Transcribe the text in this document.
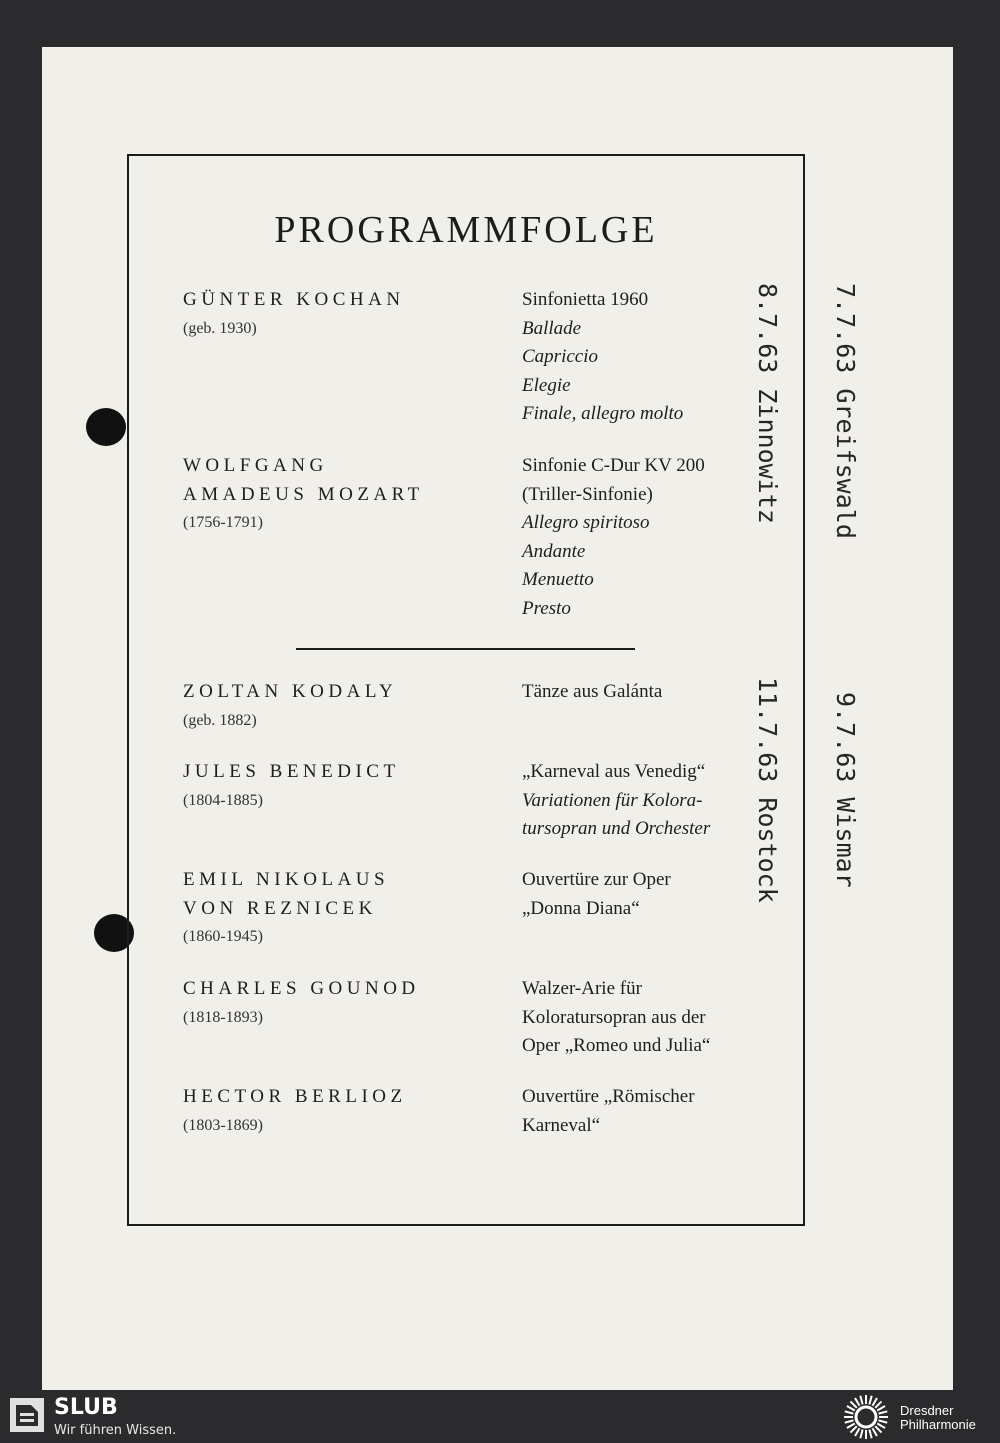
PROGRAMMFOLGE
GÜNTER KOCHAN
(geb. 1930)
Sinfonietta 1960
Ballade
Capriccio
Elegie
Finale, allegro molto
WOLFGANG
AMADEUS MOZART
(1756-1791)
Sinfonie C-Dur KV 200
(Triller-Sinfonie)
Allegro spiritoso
Andante
Menuetto
Presto
ZOLTAN KODALY
(geb. 1882)
Tänze aus Galánta
JULES BENEDICT
(1804-1885)
„Karneval aus Venedig“
Variationen für Kolora-
tursopran und Orchester
EMIL NIKOLAUS
VON REZNICEK
(1860-1945)
Ouvertüre zur Oper
„Donna Diana“
CHARLES GOUNOD
(1818-1893)
Walzer-Arie für
Koloratursopran aus der
Oper „Romeo und Julia“
HECTOR BERLIOZ
(1803-1869)
Ouvertüre „Römischer
Karneval“

7.7.63 Greifswald

8.7.63 Zinnowitz

9.7.63 Wismar

11.7.63 Rostock

SLUB
Wir führen Wissen.
Dresdner
Philharmonie
